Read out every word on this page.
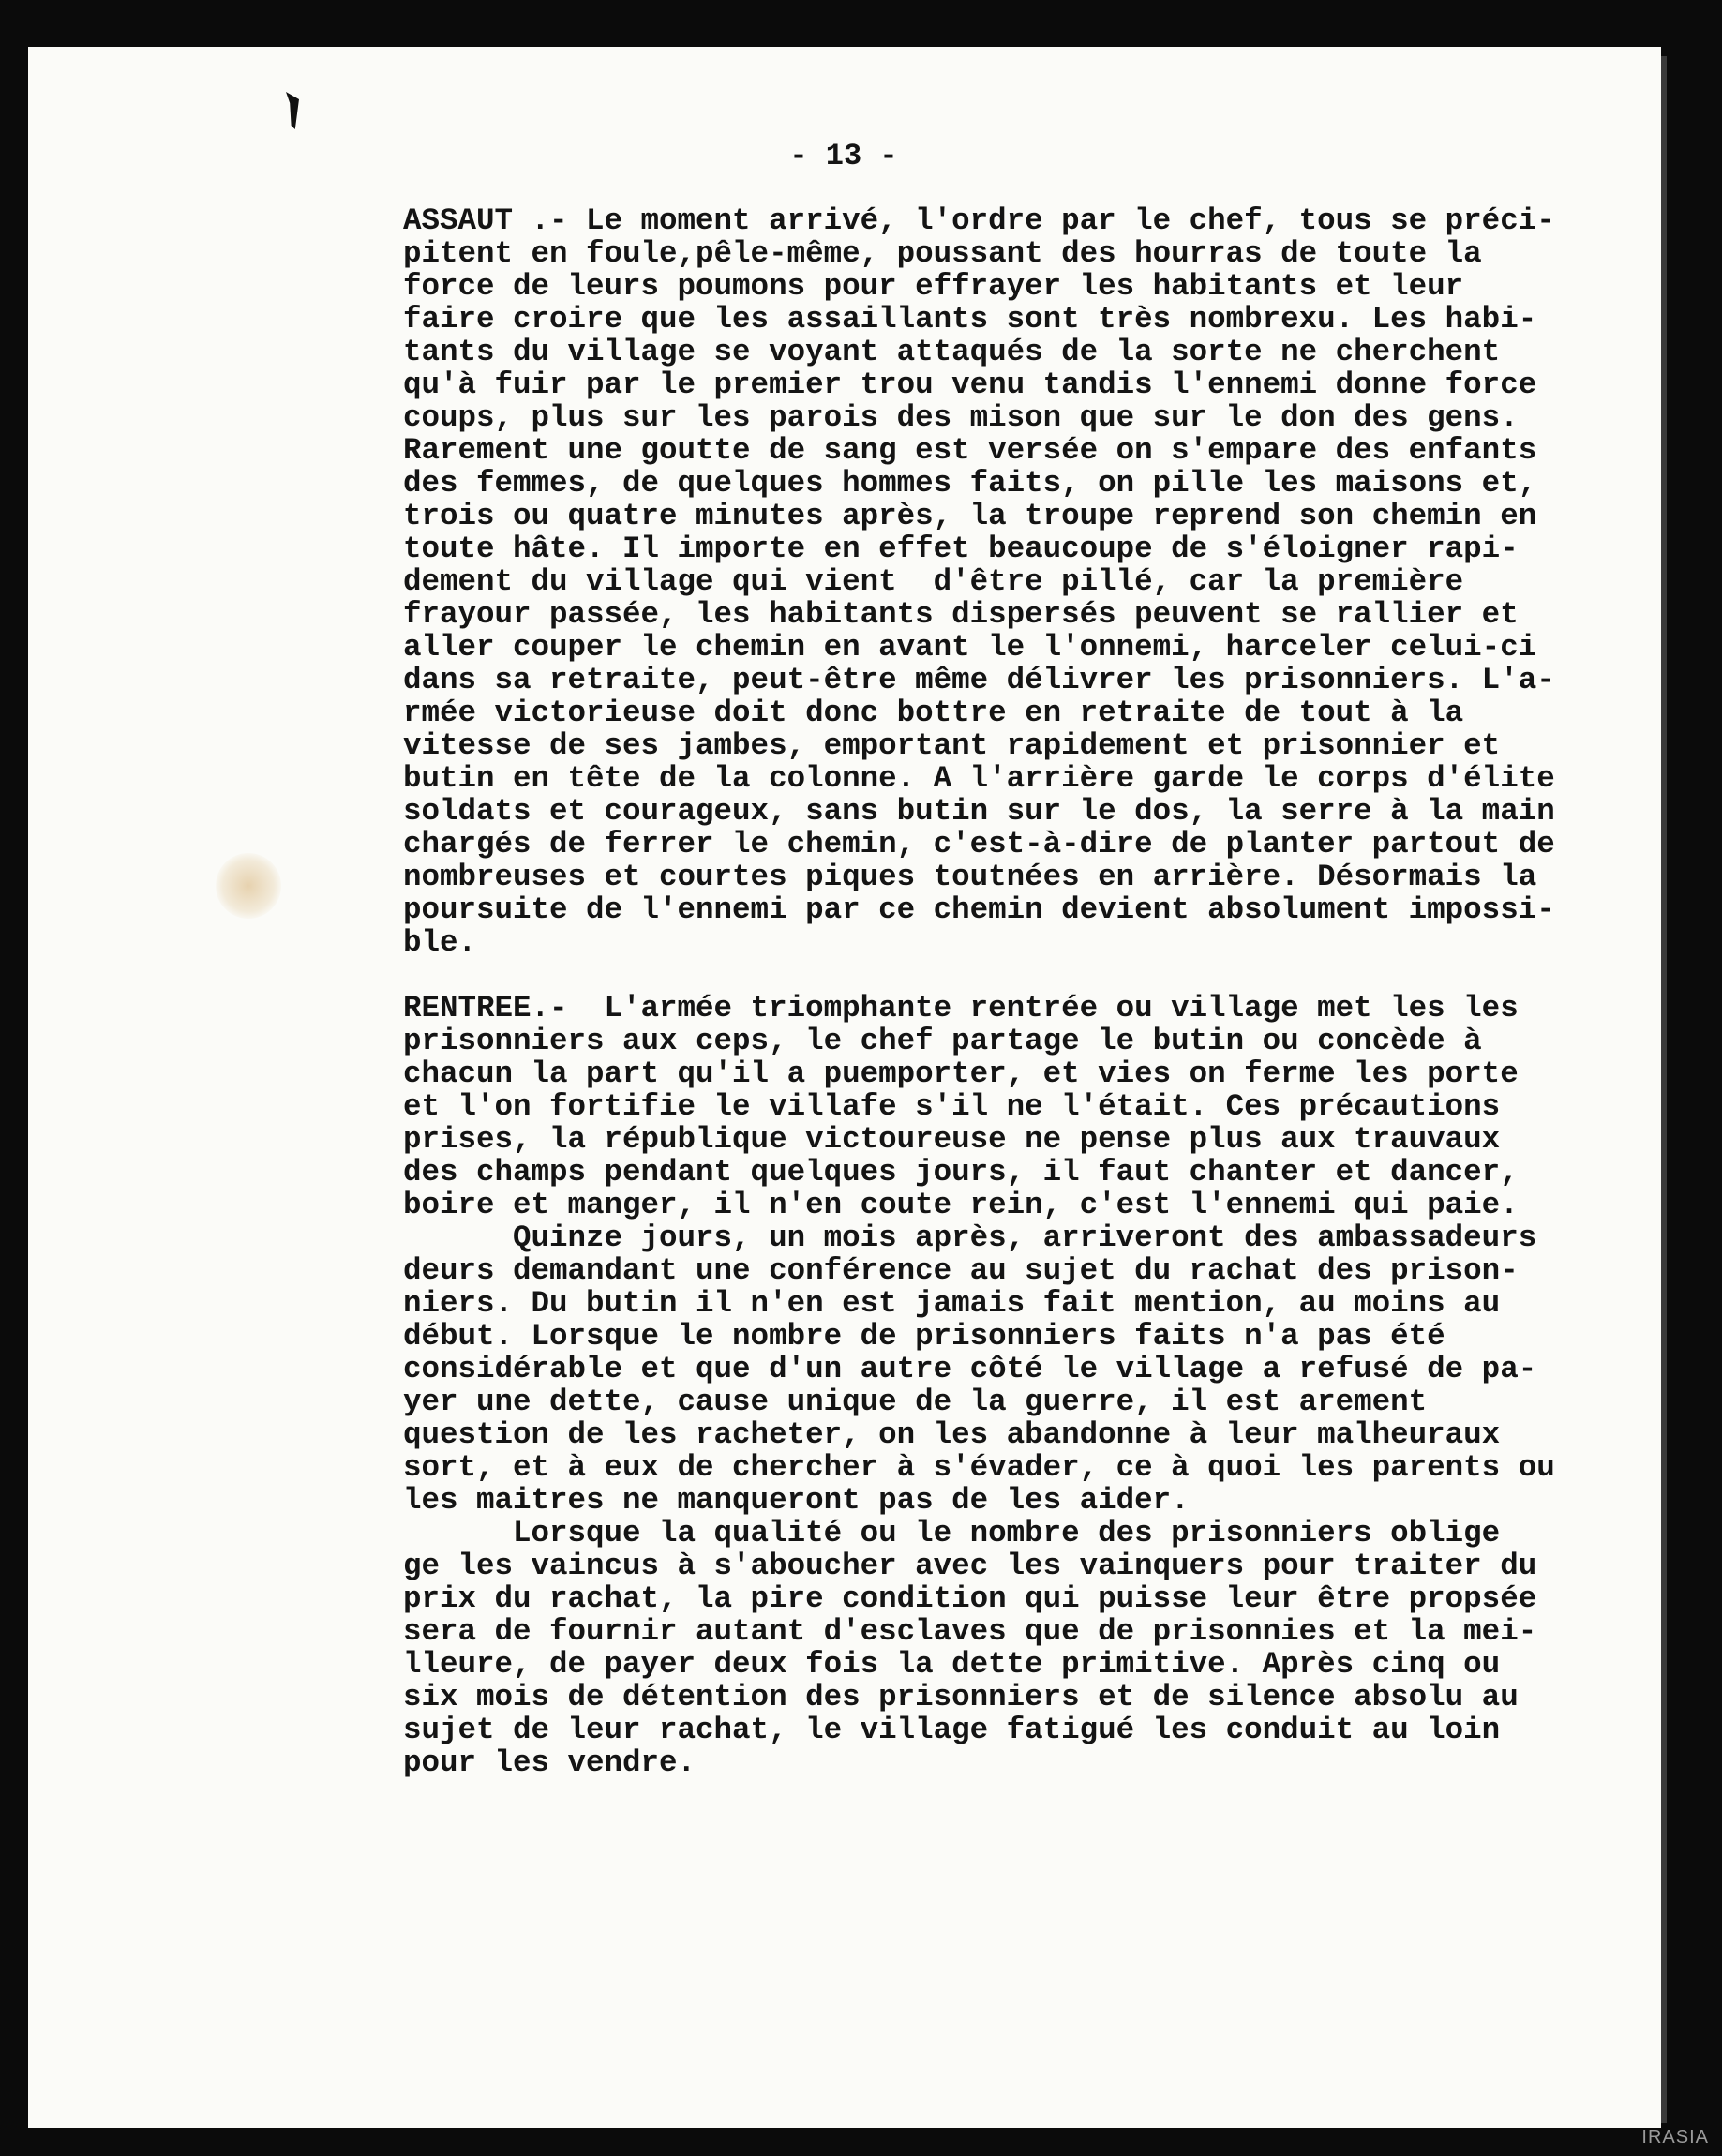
- 13 -
ASSAUT .- Le moment arrivé, l'ordre par le chef, tous se préci-
pitent en foule,pêle-même, poussant des hourras de toute la
force de leurs poumons pour effrayer les habitants et leur
faire croire que les assaillants sont très nombrexu. Les habi-
tants du village se voyant attaqués de la sorte ne cherchent
qu'à fuir par le premier trou venu tandis l'ennemi donne force
coups, plus sur les parois des mison que sur le don des gens.
Rarement une goutte de sang est versée on s'empare des enfants
des femmes, de quelques hommes faits, on pille les maisons et,
trois ou quatre minutes après, la troupe reprend son chemin en
toute hâte. Il importe en effet beaucoupe de s'éloigner rapi-
dement du village qui vient  d'être pillé, car la première
frayour passée, les habitants dispersés peuvent se rallier et
aller couper le chemin en avant le l'onnemi, harceler celui-ci
dans sa retraite, peut-être même délivrer les prisonniers. L'a-
rmée victorieuse doit donc bottre en retraite de tout à la
vitesse de ses jambes, emportant rapidement et prisonnier et
butin en tête de la colonne. A l'arrière garde le corps d'élite
soldats et courageux, sans butin sur le dos, la serre à la main
chargés de ferrer le chemin, c'est-à-dire de planter partout de
nombreuses et courtes piques toutnées en arrière. Désormais la
poursuite de l'ennemi par ce chemin devient absolument impossi-
ble.
RENTREE.-  L'armée triomphante rentrée ou village met les les
prisonniers aux ceps, le chef partage le butin ou concède à
chacun la part qu'il a puemporter, et vies on ferme les porte
et l'on fortifie le villafe s'il ne l'était. Ces précautions
prises, la république victoureuse ne pense plus aux trauvaux
des champs pendant quelques jours, il faut chanter et dancer,
boire et manger, il n'en coute rein, c'est l'ennemi qui paie.
Quinze jours, un mois après, arriveront des ambassadeurs
deurs demandant une conférence au sujet du rachat des prison-
niers. Du butin il n'en est jamais fait mention, au moins au
début. Lorsque le nombre de prisonniers faits n'a pas été
considérable et que d'un autre côté le village a refusé de pa-
yer une dette, cause unique de la guerre, il est arement
question de les racheter, on les abandonne à leur malheuraux
sort, et à eux de chercher à s'évader, ce à quoi les parents ou
les maitres ne manqueront pas de les aider.
Lorsque la qualité ou le nombre des prisonniers oblige
ge les vaincus à s'aboucher avec les vainquers pour traiter du
prix du rachat, la pire condition qui puisse leur être propsée
sera de fournir autant d'esclaves que de prisonnies et la mei-
lleure, de payer deux fois la dette primitive. Après cinq ou
six mois de détention des prisonniers et de silence absolu au
sujet de leur rachat, le village fatigué les conduit au loin
pour les vendre.
IRASIA
